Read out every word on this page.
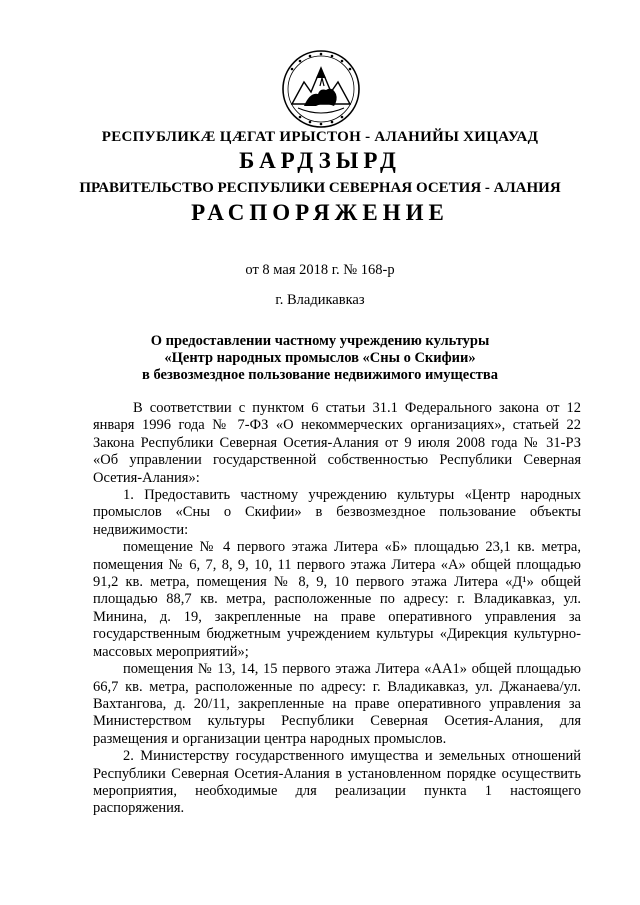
РЕСПУБЛИКӔ ЦӔГАТ ИРЫСТОН - АЛАНИЙЫ ХИЦАУАД
БАРДЗЫРД
ПРАВИТЕЛЬСТВО РЕСПУБЛИКИ СЕВЕРНАЯ ОСЕТИЯ - АЛАНИЯ
РАСПОРЯЖЕНИЕ
от 8 мая 2018 г. № 168-р
г. Владикавказ
О предоставлении частному учреждению культуры
«Центр народных промыслов «Сны о Скифии»
в безвозмездное пользование недвижимого имущества

В соответствии с пунктом 6 статьи 31.1 Федерального закона от 12 января 1996 года № 7-ФЗ «О некоммерческих организациях», статьей 22 Закона Республики Северная Осетия-Алания от 9 июля 2008 года № 31-РЗ «Об управлении государственной собственностью Республики Северная Осетия-Алания»:

1. Предоставить частному учреждению культуры «Центр народных промыслов «Сны о Скифии» в безвозмездное пользование объекты недвижимости:

помещение № 4 первого этажа Литера «Б» площадью 23,1 кв. метра, помещения № 6, 7, 8, 9, 10, 11 первого этажа Литера «А» общей площадью 91,2 кв. метра, помещения № 8, 9, 10 первого этажа Литера «Д¹» общей площадью 88,7 кв. метра, расположенные по адресу: г. Владикавказ, ул. Минина, д. 19, закрепленные на праве оперативного управления за государственным бюджетным учреждением культуры «Дирекция культурно-массовых мероприятий»;

помещения № 13, 14, 15 первого этажа Литера «АА1» общей площадью 66,7 кв. метра, расположенные по адресу: г. Владикавказ, ул. Джанаева/ул. Вахтангова, д. 20/11, закрепленные на праве оперативного управления за Министерством культуры Республики Северная Осетия-Алания, для размещения и организации центра народных промыслов.

2. Министерству государственного имущества и земельных отношений Республики Северная Осетия-Алания в установленном порядке осуществить мероприятия, необходимые для реализации пункта 1 настоящего распоряжения.
